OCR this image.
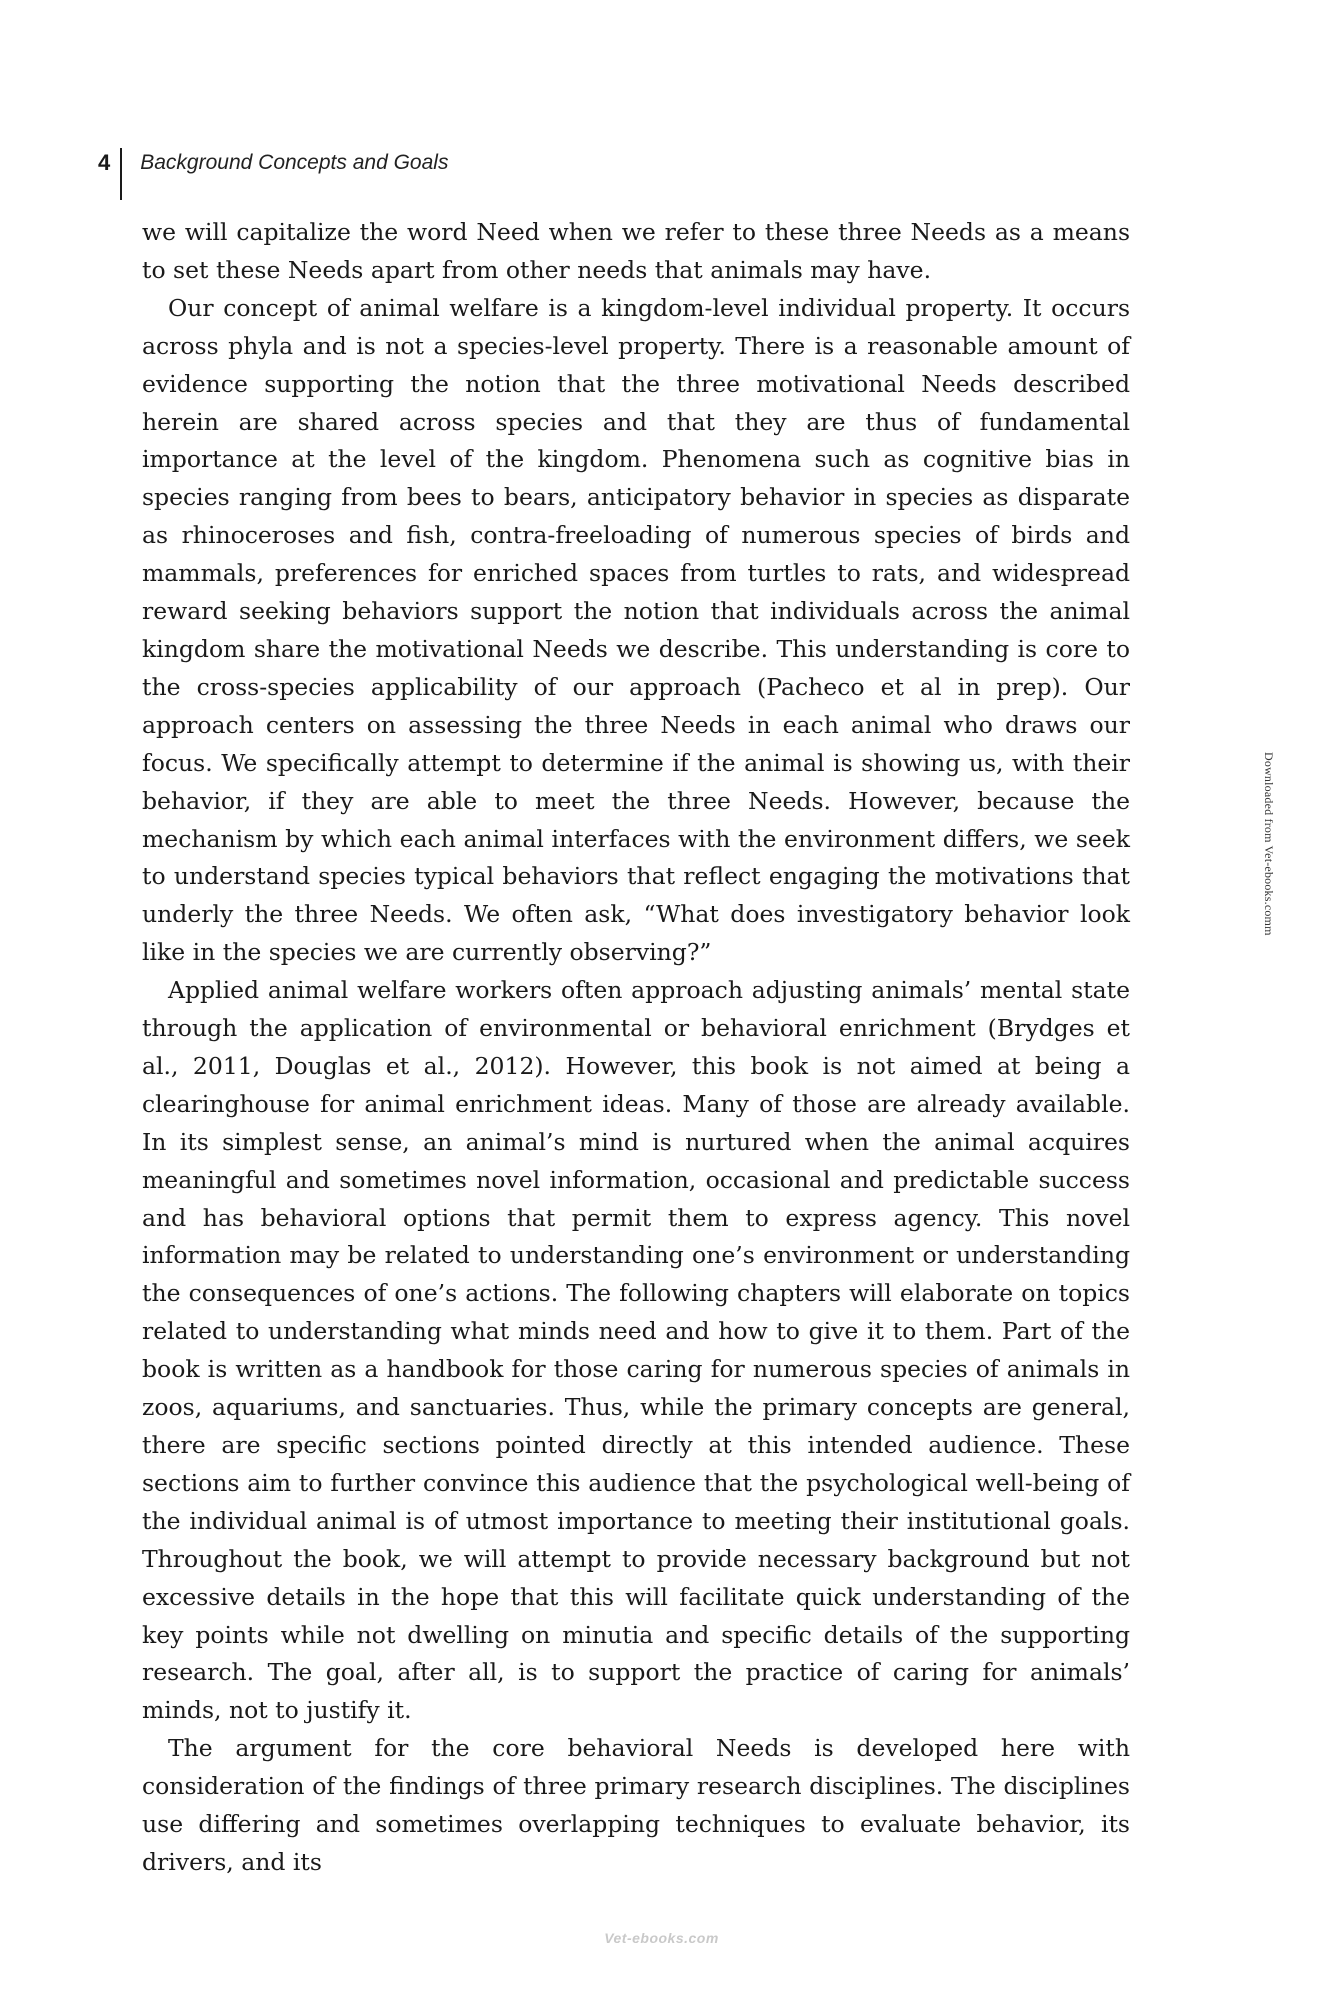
4 Background Concepts and Goals

we will capitalize the word Need when we refer to these three Needs as a means to set these Needs apart from other needs that animals may have.

Our concept of animal welfare is a kingdom-level individual property. It occurs across phyla and is not a species-level property. There is a reasonable amount of evidence supporting the notion that the three motivational Needs described herein are shared across species and that they are thus of fundamental importance at the level of the kingdom. Phenomena such as cognitive bias in species ranging from bees to bears, anticipatory behavior in species as disparate as rhinoceroses and fish, contra-freeloading of numerous species of birds and mammals, preferences for enriched spaces from turtles to rats, and widespread reward seeking behaviors support the notion that individuals across the animal kingdom share the motivational Needs we describe. This understanding is core to the cross-species applicability of our approach (Pacheco et al in prep). Our approach centers on assessing the three Needs in each animal who draws our focus. We specifically attempt to determine if the animal is showing us, with their behavior, if they are able to meet the three Needs. However, because the mechanism by which each animal interfaces with the environment differs, we seek to understand species typical behaviors that reflect engaging the motivations that underly the three Needs. We often ask, “What does investigatory behavior look like in the species we are currently observing?”

Applied animal welfare workers often approach adjusting animals’ mental state through the application of environmental or behavioral enrichment (Brydges et al., 2011, Douglas et al., 2012). However, this book is not aimed at being a clearinghouse for animal enrichment ideas. Many of those are already available. In its simplest sense, an animal’s mind is nurtured when the animal acquires meaningful and sometimes novel information, occasional and predictable success and has behavioral options that permit them to express agency. This novel information may be related to understanding one’s environment or understanding the consequences of one’s actions. The following chapters will elaborate on topics related to understanding what minds need and how to give it to them. Part of the book is written as a handbook for those caring for numerous species of animals in zoos, aquariums, and sanctuaries. Thus, while the primary concepts are general, there are specific sections pointed directly at this intended audience. These sections aim to further convince this audience that the psychological well-being of the individual animal is of utmost importance to meeting their institutional goals. Throughout the book, we will attempt to provide necessary background but not excessive details in the hope that this will facilitate quick understanding of the key points while not dwelling on minutia and specific details of the supporting research. The goal, after all, is to support the practice of caring for animals’ minds, not to justify it.

The argument for the core behavioral Needs is developed here with consideration of the findings of three primary research disciplines. The disciplines use differing and sometimes overlapping techniques to evaluate behavior, its drivers, and its

Downloaded from Vet-ebooks.comm
Vet-ebooks.com
